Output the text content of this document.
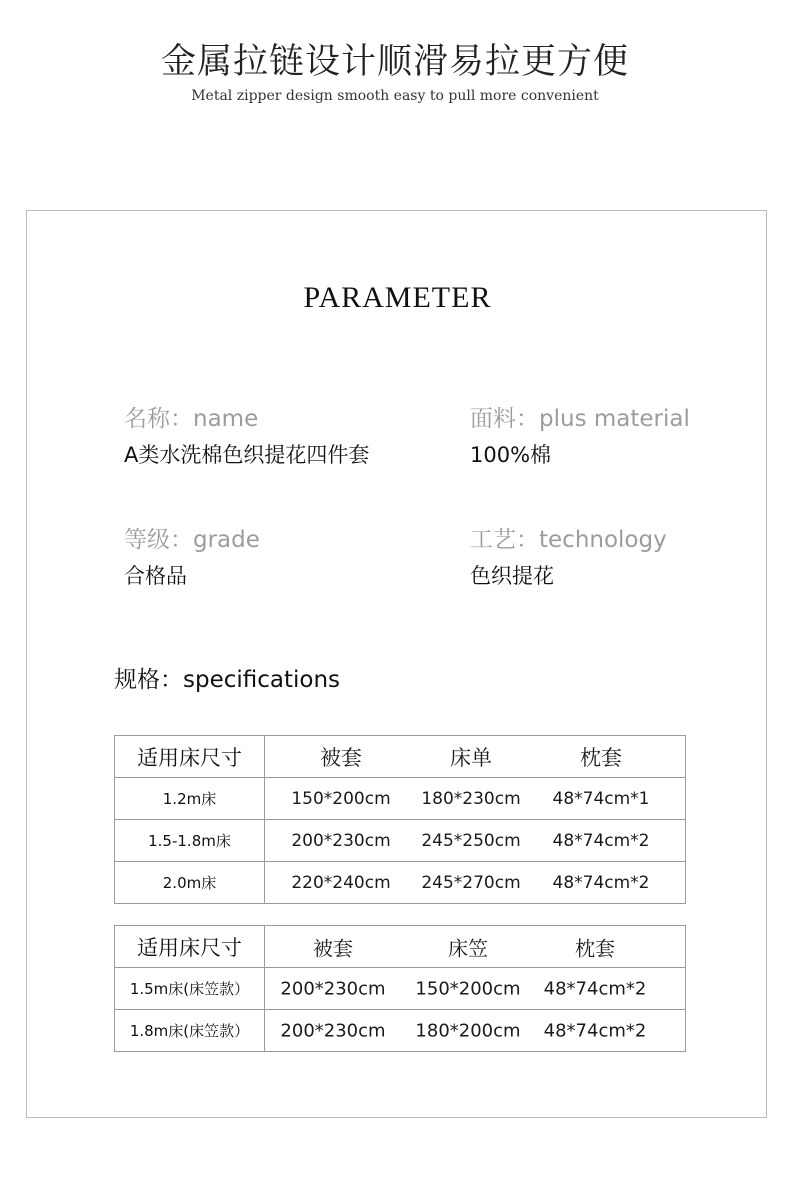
金属拉链设计顺滑易拉更方便
Metal zipper design smooth easy to pull more convenient
PARAMETER
名称：name
A类水洗棉色织提花四件套
面料：plus material
100%棉
等级：grade
合格品
工艺：technology
色织提花
规格：specifications
适用床尺寸	被套 床单 枕套

1.2m床	150*200cm 180*230cm 48*74cm*1

1.5-1.8m床	200*230cm 245*250cm 48*74cm*2

2.0m床	220*240cm 245*270cm 48*74cm*2
适用床尺寸	被套 床笠 枕套

1.5m床(床笠款）	200*230cm 150*200cm 48*74cm*2

1.8m床(床笠款）	200*230cm 180*200cm 48*74cm*2
